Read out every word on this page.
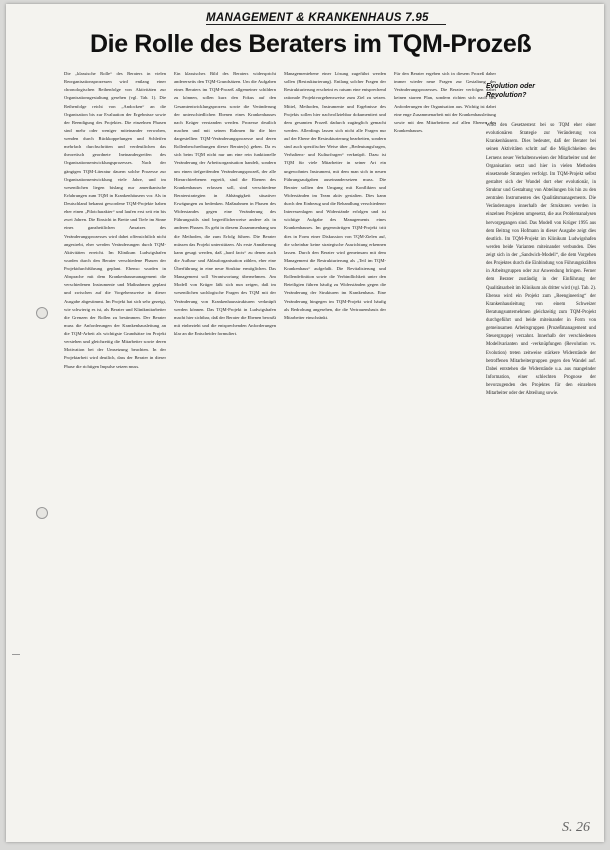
MANAGEMENT & KRANKENHAUS 7.95
Die Rolle des Beraters im TQM-Prozeß
Die „klassische Rolle“ des Beraters in vielen Reorganisationsprozessen wird entlang einer chronologischen Reihenfolge von Aktivitäten zur Organisationsgestaltung gesehen (vgl. Tab. 1). Die Reihenfolge reicht von „Andocken“ an die Organisation bis zur Evaluation der Ergebnisse sowie der Beendigung des Projektes. Die einzelnen Phasen sind mehr oder weniger miteinander verwoben, wenden durch Rückkoppelungen und Schleifen mehrfach durchschritten und verdeutlichen das theoretisch geordnete Ineinandergreifen des Organisationsentwicklungsprozesses. Nach der gängigen TQM-Literatur dauern solche Prozesse zur Organisationsentwicklung viele Jahre, und im wesentlichen liegen bislang nur amerikanische Erfahrungen zum TQM in Krankenhäusern vor. Als in Deutschland bekannt gewordene TQM-Projekte haben eher einen „Pilotcharakter“ und laufen erst seit ein bis zwei Jahren. Die Einsicht in Breite und Tiefe im Sinne eines ganzheitlichen Ansatzes des Veränderungsprozesses wird dabei offensichtlich nicht angestrebt, eher werden Veränderungen durch TQM-Aktivitäten erreicht. Im Klinikum Ludwigshafen wurden durch den Berater verschiedene Phasen der Projektdurchführung geplant. Ebenso wurden in Absprache mit dem Krankenhausmanagement die verschiedenen Instrumente und Maßnahmen geplant und zwischen auf die Vorgehensweise in dieser Ausgabe abgestimmt. Im Projekt hat sich sehr gezeigt, wie schwierig es ist, als Berater und Klinikmitarbeiter die Grenzen der Rollen zu bestimmen. Der Berater muss die Anforderungen der Krankenhausleitung an die TQM-Arbeit als wichtigste Grundsätze im Projekt verstehen und gleichzeitig die Mitarbeiter sowie deren Motivation bei der Umsetzung beachten. In der Projektarbeit wird deutlich, dass der Berater in dieser Phase die richtigen Impulse setzen muss.
Ein klassisches Bild des Beraters widerspricht andererseits den TQM-Grundsätzen. Um die Aufgaben eines Beraters im TQM-Prozeß allgemeiner schildern zu können, sollen kurz den Fokus auf den Gesamtentwicklungsprozess sowie die Veränderung der unterschiedlichen Ebenen eines Krankenhauses nach Krüger verstanden werden. Prozesse deutlich machen und mit seinen Rahmen für die hier dargestellten TQM-Veränderungsprozesse und deren Rollenbeschreibungen dieser Berater(s) geben. Da es sich beim TQM nicht nur um eine rein funktionelle Veränderung der Arbeitsorganisation handelt, sondern um einen tiefgreifenden Veränderungsprozeß, der alle Hierarchieebenen ergreift, sind die Ebenen des Krankenhauses erfassen soll, sind verschiedene Beraterstrategien in Abhängigkeit situativer Erwägungen zu bedenken. Maßnahmen in Phasen des Widerstandes gegen eine Veränderung des Führungsstils sind begreiflicherweise andere als in anderen Phasen. Es geht in diesem Zusammenhang um die Methoden, die zum Erfolg führen. Die Berater müssen das Projekt unterstützen. Als erste Annäherung kann gesagt werden, daß „hard facts“ zu denen auch die Aufbau- und Ablauforganisation zählen, eher eine Überführung in eine neue Struktur ermöglichen. Das Management soll Verantwortung übernehmen. Am Modell von Krüger läßt sich nun zeigen, daß im wesentlichen sachlogische Fragen des TQM mit der Veränderung von Krankenhausstrukturen verknüpft werden können. Das TQM-Projekt in Ludwigshafen macht hier sichtbar, daß der Berater die Ebenen bewußt mit einbezieht und die entsprechenden Anforderungen klar an die Entscheider formuliert.
Managementebene einer Lösung zugeführt werden sollen (Restrukturierung). Entlang solcher Fragen der Restrukturierung erscheint es ratsam eine entsprechend rationale Projektvorgehensweise zum Ziel zu setzen. Mittel, Methoden, Instrumente und Ergebnisse des Projekts sollen hier nachvollziehbar dokumentiert und dem gesamten Prozeß dadurch zugänglich gemacht werden. Allerdings lassen sich nicht alle Fragen nur auf der Ebene der Restrukturierung bearbeiten, sondern sind auch spezifischer Weise über „Bedeutungsfragen, Verhaltens- und Kulturfragen“ verknüpft. Dazu ist TQM für viele Mitarbeiter in seiner Art ein ungewohntes Instrument, mit dem man sich in neuen Führungsaufgaben auseinandersetzen muss. Die Berater sollten den Umgang mit Konflikten und Widerständen im Team aktiv gestalten. Dies kann durch den Einbezug und die Behandlung verschiedener Interessenlagen und Widerstände erfolgen und ist wichtige Aufgabe des Managements eines Krankenhauses. Im gegenwärtigen TQM-Projekt tritt dies in Form einer Diskussion von TQM-Zielen auf, die scheinbar keine strategische Ausrichtung erkennen lassen. Durch den Berater wird gemeinsam mit dem Management die Restrukturierung als „Teil im TQM-Krankenhaus“ aufgefaßt. Die Revitalisierung und Rollendefinition sowie die Verbindlichkeit unter den Beteiligten führen häufig zu Widerständen gegen die Veränderung der Strukturen im Krankenhaus. Eine Veränderung hingegen im TQM-Projekt wird häufig als Bedrohung angesehen, die die Vertrauensbasis der Mitarbeiter einschränkt.
Für den Berater ergeben sich in diesem Prozeß daher immer wieder neue Fragen zur Gestaltung des Veränderungsprozesses. Die Berater verfolgen dabei keinen starren Plan, sondern richten sich nach den Anforderungen der Organisation aus. Wichtig ist dabei eine enge Zusammenarbeit mit der Krankenhausleitung sowie mit den Mitarbeitern auf allen Ebenen des Krankenhauses.
Evolution oder Revolution?
Wird den Gesetzestext bei so TQM eher einer evolutionären Strategie zur Veränderung von Krankenhäusern. Dies bedeutet, daß der Berater bei seinen Aktivitäten schritt auf die Möglichkeiten des Lernens neuer Verhaltensweisen der Mitarbeiter und der Organisation setzt und hier in vielen Methoden einsetzende Strategien verfolgt. Im TQM-Projekt selbst gestaltet sich der Wandel dort eher evolutionär, in Struktur und Gestaltung von Abteilungen bis hin zu den zentralen Instrumenten des Qualitätsmanagements. Die Veränderungen innerhalb der Strukturen werden in einzelnen Projekten umgesetzt, die aus Problemanalysen hervorgegangen sind. Das Modell von Krüger 1995 aus dem Beitrag von Hofmann in dieser Ausgabe zeigt dies deutlich. Im TQM-Projekt im Klinikum Ludwigshafen werden beide Varianten miteinander verbunden. Dies zeigt sich in der „Sandwich-Modell“, die dem Vorgehen des Projektes durch die Einbindung von Führungskräften in Arbeitsgruppen oder zur Anwendung bringen. Ferner dem Berater zuständig in der Einführung der Qualitätsarbeit im Klinikum als dritter wird (vgl. Tab. 2). Ebenso wird ein Projekt zum „Reengineering“ der Krankenhausleitung von einem Schweizer Beratungsunternehmen gleichzeitig zum TQM-Projekt durchgeführt und beide miteinander in Form von gemeinsamen Arbeitsgruppen (Prozeßmanagement und Steuergruppe) verzahnt. Innerhalb der verschiedenen Modellvarianten und -verknüpfungen (Revolution vs. Evolution) treten zeitweise stärkere Widerstände der betroffenen Mitarbeitergruppen gegen den Wandel auf. Dabei entstehen die Widerstände u.a. aus mangelnder Information, einer schlechten Prognose der bevorzugenden des Projektes für den einzelnen Mitarbeiter oder der Abteilung sowie.
S. 26
